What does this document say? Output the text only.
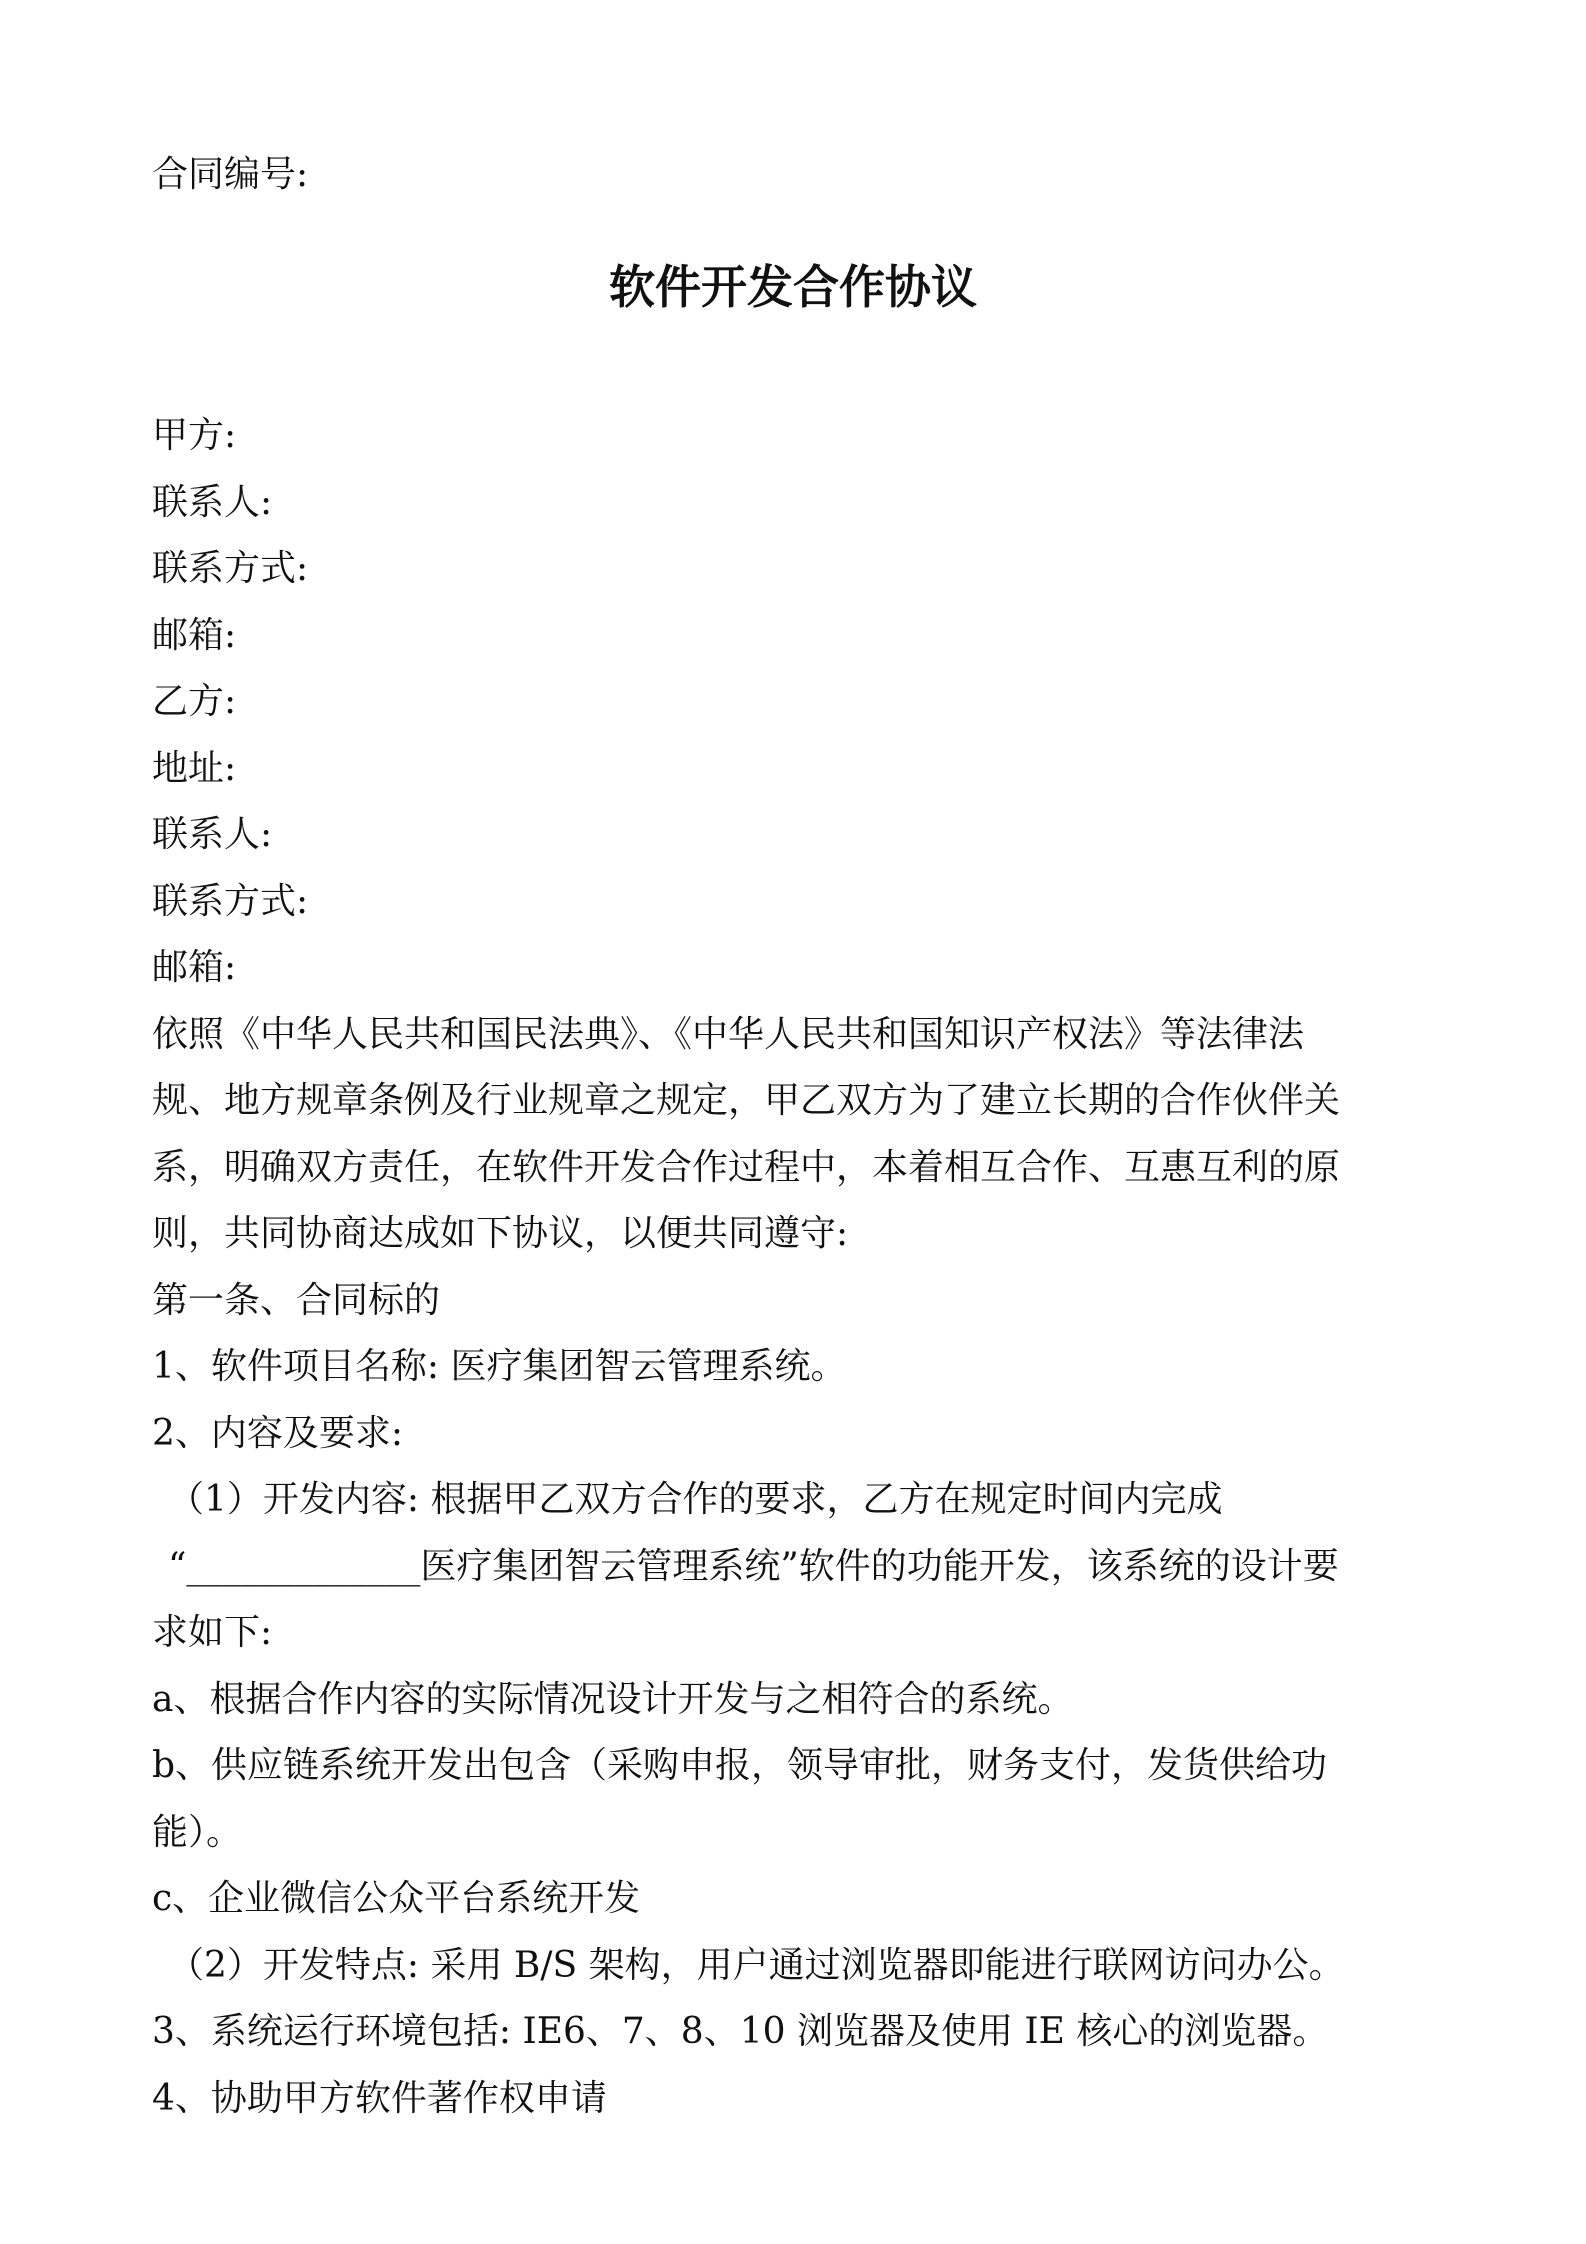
合同编号:
软件开发合作协议
甲方:
联系人:
联系方式:
邮箱:
乙方:
地址:
联系人:
联系方式:
邮箱:
依照《中华人民共和国民法典》、《中华人民共和国知识产权法》等法律法
规、地方规章条例及行业规章之规定，甲乙双方为了建立长期的合作伙伴关
系，明确双方责任，在软件开发合作过程中，本着相互合作、互惠互利的原
则，共同协商达成如下协议，以便共同遵守:
第一条、合同标的
1、软件项目名称: 医疗集团智云管理系统。
2、内容及要求:
（1）开发内容: 根据甲乙双方合作的要求，乙方在规定时间内完成
“_____________医疗集团智云管理系统”软件的功能开发，该系统的设计要
求如下:
a、根据合作内容的实际情况设计开发与之相符合的系统。
b、供应链系统开发出包含（采购申报，领导审批，财务支付，发货供给功
能）。
c、企业微信公众平台系统开发
（2）开发特点: 采用 B/S 架构，用户通过浏览器即能进行联网访问办公。
3、系统运行环境包括: IE6、7、8、10 浏览器及使用 IE 核心的浏览器。
4、协助甲方软件著作权申请
